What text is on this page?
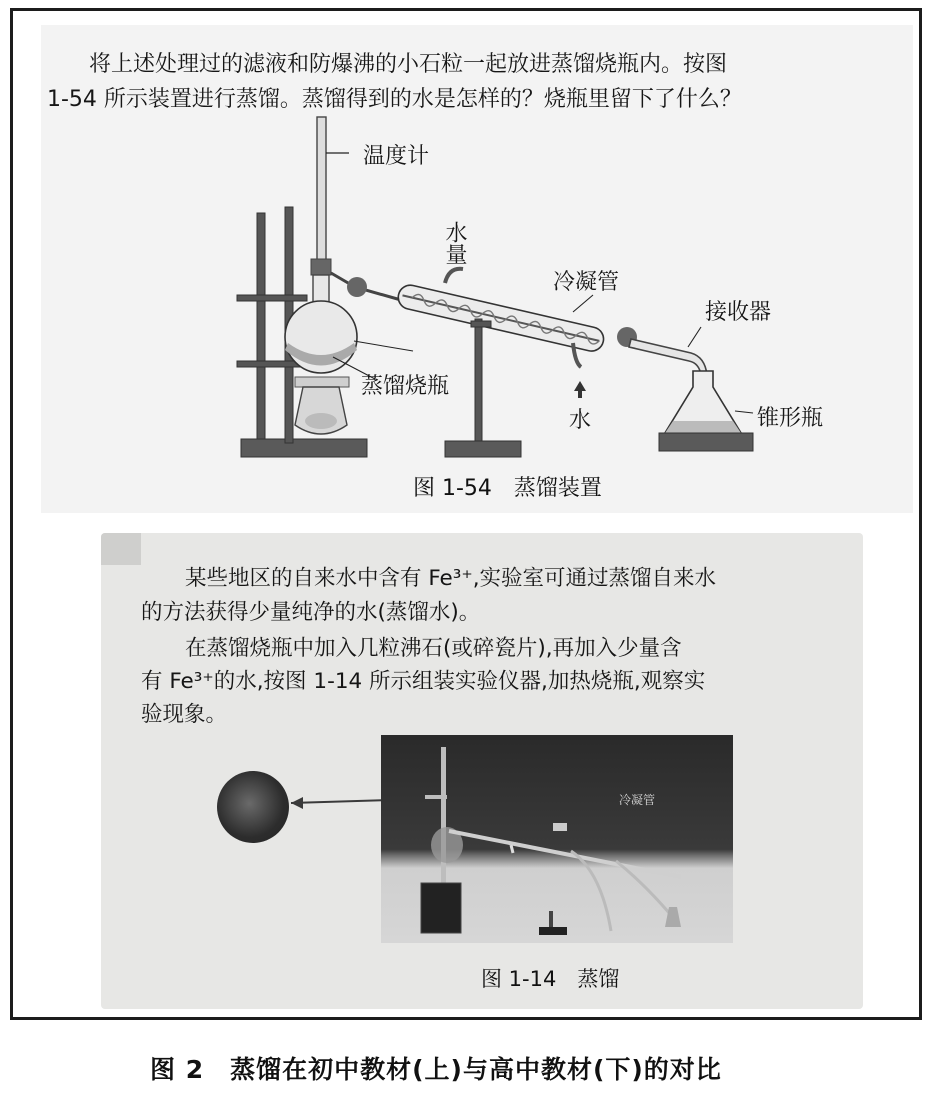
将上述处理过的滤液和防爆沸的小石粒一起放进蒸馏烧瓶内。按图
1-54 所示装置进行蒸馏。蒸馏得到的水是怎样的？烧瓶里留下了什么？
温度计
水量
冷凝管
接收器
蒸馏烧瓶
水	锥形瓶
图 1-54　蒸馏装置
某些地区的自来水中含有 Fe³⁺,实验室可通过蒸馏自来水
的方法获得少量纯净的水(蒸馏水)。
在蒸馏烧瓶中加入几粒沸石(或碎瓷片),再加入少量含
有 Fe³⁺的水,按图 1-14 所示组装实验仪器,加热烧瓶,观察实
验现象。
冷凝管
图 1-14　蒸馏
图 2　蒸馏在初中教材(上)与高中教材(下)的对比
